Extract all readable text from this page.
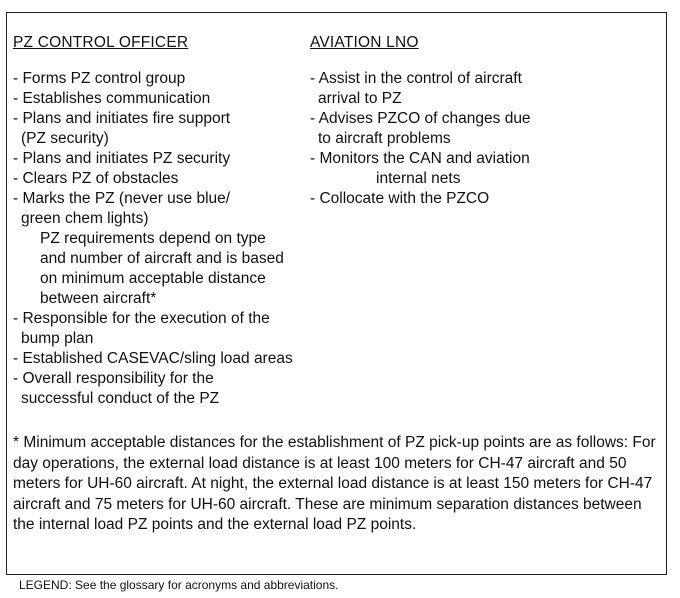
PZ CONTROL OFFICER
- Forms PZ control group
- Establishes communication
- Plans and initiates fire support
(PZ security)
- Plans and initiates PZ security
- Clears PZ of obstacles
- Marks the PZ (never use blue/
green chem lights)
PZ requirements depend on type
and number of aircraft and is based
on minimum acceptable distance
between aircraft*
- Responsible for the execution of the
bump plan
- Established CASEVAC/sling load areas
- Overall responsibility for the
successful conduct of the PZ
AVIATION LNO
- Assist in the control of aircraft
arrival to PZ
- Advises PZCO of changes due
to aircraft problems
- Monitors the CAN and aviation
internal nets
- Collocate with the PZCO
* Minimum acceptable distances for the establishment of PZ pick-up points are as follows: For day operations, the external load distance is at least 100 meters for CH-47 aircraft and 50 meters for UH-60 aircraft. At night, the external load distance is at least 150 meters for CH-47 aircraft and 75 meters for UH-60 aircraft. These are minimum separation distances between the internal load PZ points and the external load PZ points.
LEGEND: See the glossary for acronyms and abbreviations.
